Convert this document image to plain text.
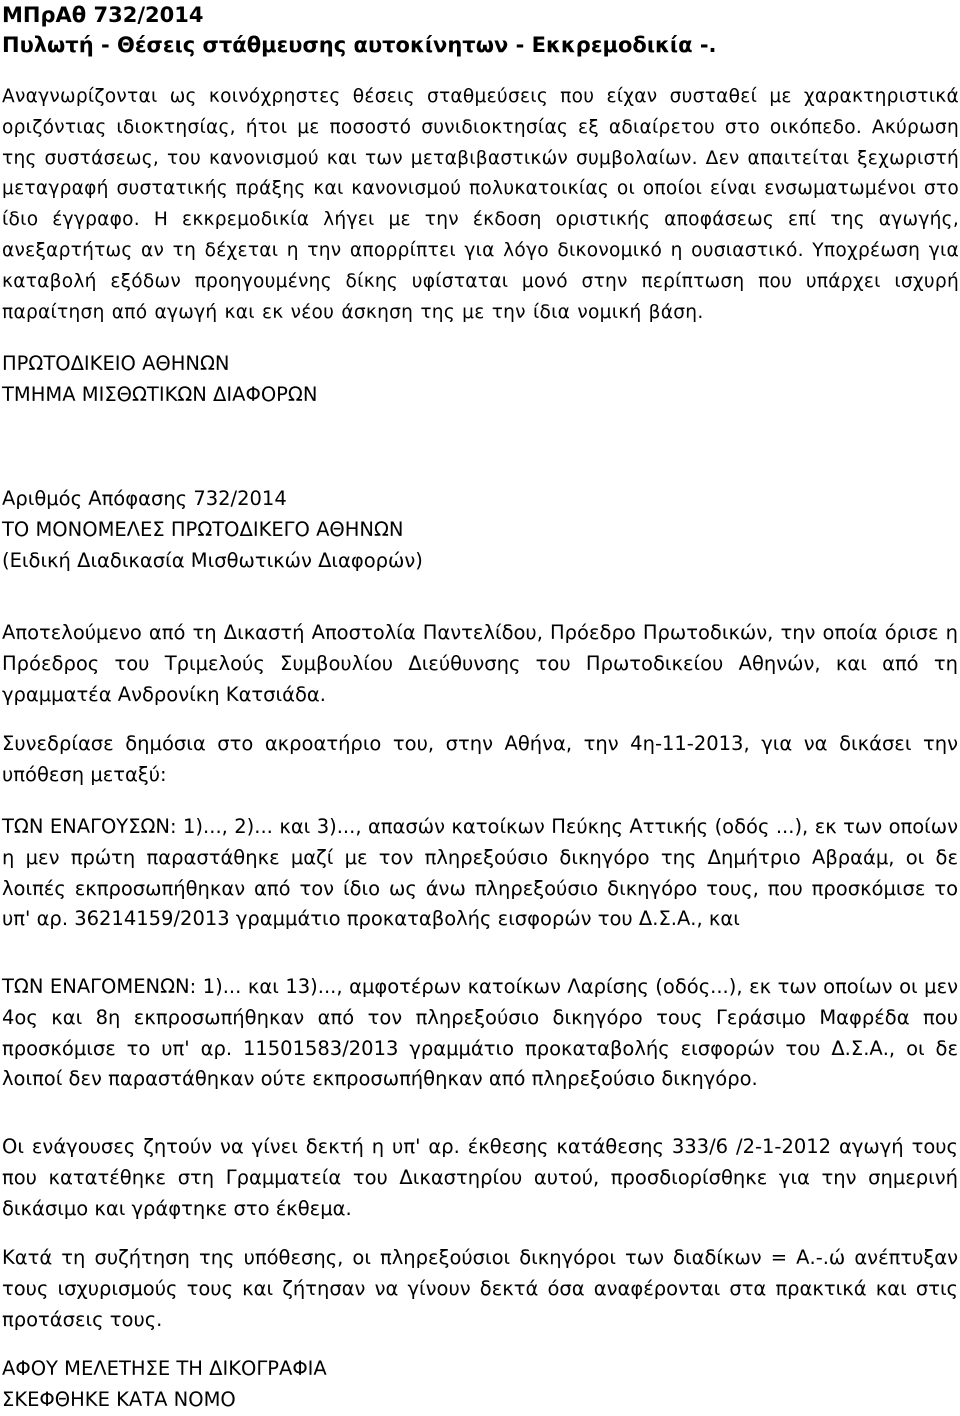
ΜΠρΑθ 732/2014
Πυλωτή - Θέσεις στάθμευσης αυτοκίνητων - Εκκρεμοδικία -.
Αναγνωρίζονται ως κοινόχρηστες θέσεις σταθμεύσεις που είχαν συσταθεί με χαρακτηριστικά οριζόντιας ιδιοκτησίας, ήτοι με ποσοστό συνιδιοκτησίας εξ αδιαίρετου στο οικόπεδο. Ακύρωση της συστάσεως, του κανονισμού και των μεταβιβαστικών συμβολαίων. Δεν απαιτείται ξεχωριστή μεταγραφή συστατικής πράξης και κανονισμού πολυκατοικίας οι οποίοι είναι ενσωματωμένοι στο ίδιο έγγραφο. Η εκκρεμοδικία λήγει με την έκδοση οριστικής αποφάσεως επί της αγωγής, ανεξαρτήτως αν τη δέχεται η την απορρίπτει για λόγο δικονομικό η ουσιαστικό. Υποχρέωση για καταβολή εξόδων προηγουμένης δίκης υφίσταται μονό στην περίπτωση που υπάρχει ισχυρή παραίτηση από αγωγή και εκ νέου άσκηση της με την ίδια νομική βάση.
ΠΡΩΤΟΔΙΚΕΙΟ ΑΘΗΝΩΝ
ΤΜΗΜΑ ΜΙΣΘΩΤΙΚΩΝ ΔΙΑΦΟΡΩΝ
Αριθμός Απόφασης 732/2014
ΤΟ ΜΟΝΟΜΕΛΕΣ ΠΡΩΤΟΔΙΚΕΓΟ ΑΘΗΝΩΝ
(Ειδική Διαδικασία Μισθωτικών Διαφορών)
Αποτελούμενο από τη Δικαστή Αποστολία Παντελίδου, Πρόεδρο Πρωτοδικών, την οποία όρισε η Πρόεδρος του Τριμελούς Συμβουλίου Διεύθυνσης του Πρωτοδικείου Αθηνών, και από τη γραμματέα Ανδρονίκη Κατσιάδα.
Συνεδρίασε δημόσια στο ακροατήριο του, στην Αθήνα, την 4η-11-2013, για να δικάσει την υπόθεση μεταξύ:
ΤΩΝ ΕΝΑΓΟΥΣΩΝ: 1)..., 2)... και 3)..., απασών κατοίκων Πεύκης Αττικής (οδός ...), εκ των οποίων η μεν πρώτη παραστάθηκε μαζί με τον πληρεξούσιο δικηγόρο της Δημήτριο Αβραάμ, οι δε λοιπές εκπροσωπήθηκαν από τον ίδιο ως άνω πληρεξούσιο δικηγόρο τους, που προσκόμισε το υπ' αρ. 36214159/2013 γραμμάτιο προκαταβολής εισφορών του Δ.Σ.Α., και
ΤΩΝ ΕΝΑΓΟΜΕΝΩΝ: 1)... και 13)..., αμφοτέρων κατοίκων Λαρίσης (οδός...), εκ των οποίων οι μεν 4ος και 8η εκπροσωπήθηκαν από τον πληρεξούσιο δικηγόρο τους Γεράσιμο Μαφρέδα που προσκόμισε το υπ' αρ. 11501583/2013 γραμμάτιο προκαταβολής εισφορών του Δ.Σ.Α., οι δε λοιποί δεν παραστάθηκαν ούτε εκπροσωπήθηκαν από πληρεξούσιο δικηγόρο.
Οι ενάγουσες ζητούν να γίνει δεκτή η υπ' αρ. έκθεσης κατάθεσης 333/6 /2-1-2012 αγωγή τους που κατατέθηκε στη Γραμματεία του Δικαστηρίου αυτού, προσδιορίσθηκε για την σημερινή δικάσιμο και γράφτηκε στο έκθεμα.
Κατά τη συζήτηση της υπόθεσης, οι πληρεξούσιοι δικηγόροι των διαδίκων = Α.-.ώ ανέπτυξαν τους ισχυρισμούς τους και ζήτησαν να γίνουν δεκτά όσα αναφέρονται στα πρακτικά και στις προτάσεις τους.
ΑΦΟΥ ΜΕΛΕΤΗΣΕ ΤΗ ΔΙΚΟΓΡΑΦΙΑ
ΣΚΕΦΘΗΚΕ ΚΑΤΑ ΝΟΜΟ
